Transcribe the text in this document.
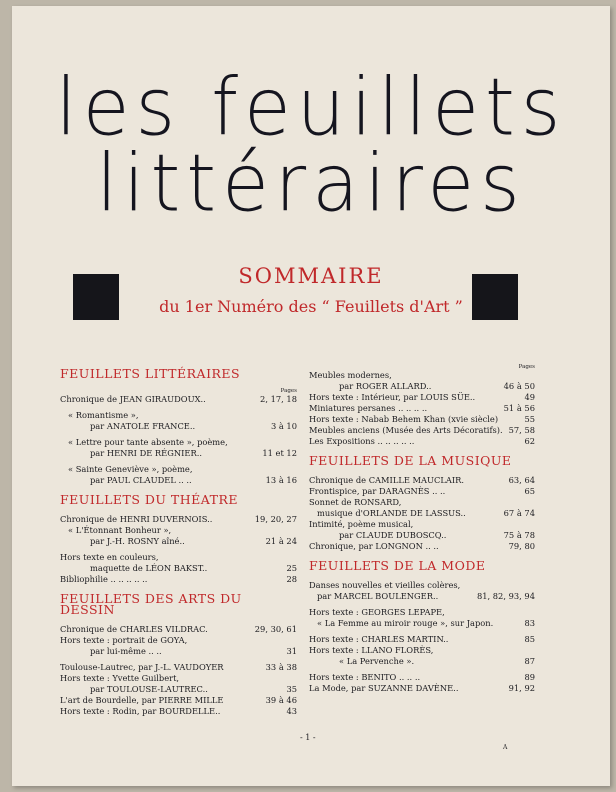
les feuillets
littéraires
SOMMAIRE
du 1er Numéro des “ Feuillets d'Art ”
FEUILLETS LITTÉRAIRES
Pages
Chronique de JEAN GIRAUDOUX..	2, 17, 18
« Romantisme »,
par ANATOLE FRANCE..	3 à 10
« Lettre pour tante absente », poème,
par HENRI DE RÉGNIER..	11 et 12
« Sainte Geneviève », poème,
par PAUL CLAUDEL .. ..	13 à 16
FEUILLETS DU THÉATRE
Chronique de HENRI DUVERNOIS..	19, 20, 27
« L'Étonnant Bonheur »,
par J.-H. ROSNY aîné..	21 à 24
Hors texte en couleurs,
maquette de LÉON BAKST..	25
Bibliophilie .. .. .. .. ..	28
FEUILLETS DES ARTS DU DESSIN
Chronique de CHARLES VILDRAC.	29, 30, 61
Hors texte : portrait de GOYA,
par lui-même .. ..	31
Toulouse-Lautrec, par J.-L. VAUDOYER	33 à 38
Hors texte : Yvette Guilbert,
par TOULOUSE-LAUTREC..	35
L'art de Bourdelle, par PIERRE MILLE	39 à 46
Hors texte : Rodin, par BOURDELLE..	43
Pages
Meubles modernes,
par ROGER ALLARD..	46 à 50
Hors texte : Intérieur, par LOUIS SÜE..	49
Miniatures persanes .. .. .. ..	51 à 56
Hors texte : Nabab Behem Khan (xvie siècle)	55
Meubles anciens (Musée des Arts Décoratifs). 57, 58
Les Expositions .. .. .. .. ..	62
FEUILLETS DE LA MUSIQUE
Chronique de CAMILLE MAUCLAIR.	63, 64
Frontispice, par DARAGNÈS .. ..	65
Sonnet de RONSARD,
musique d'ORLANDE DE LASSUS..	67 à 74
Intimité, poème musical,
par CLAUDE DUBOSCQ..	75 à 78
Chronique, par LONGNON .. ..	79, 80
FEUILLETS DE LA MODE
Danses nouvelles et vieilles colères,
par MARCEL BOULENGER..	81, 82, 93, 94
Hors texte : GEORGES LEPAPE,
« La Femme au miroir rouge », sur Japon.	83
Hors texte : CHARLES MARTIN..	85
Hors texte : LLANO FLORÈS,
« La Pervenche ».	87
Hors texte : BENITO .. .. ..	89
La Mode, par SUZANNE DAVÈNE..	91, 92
- 1 -
A
